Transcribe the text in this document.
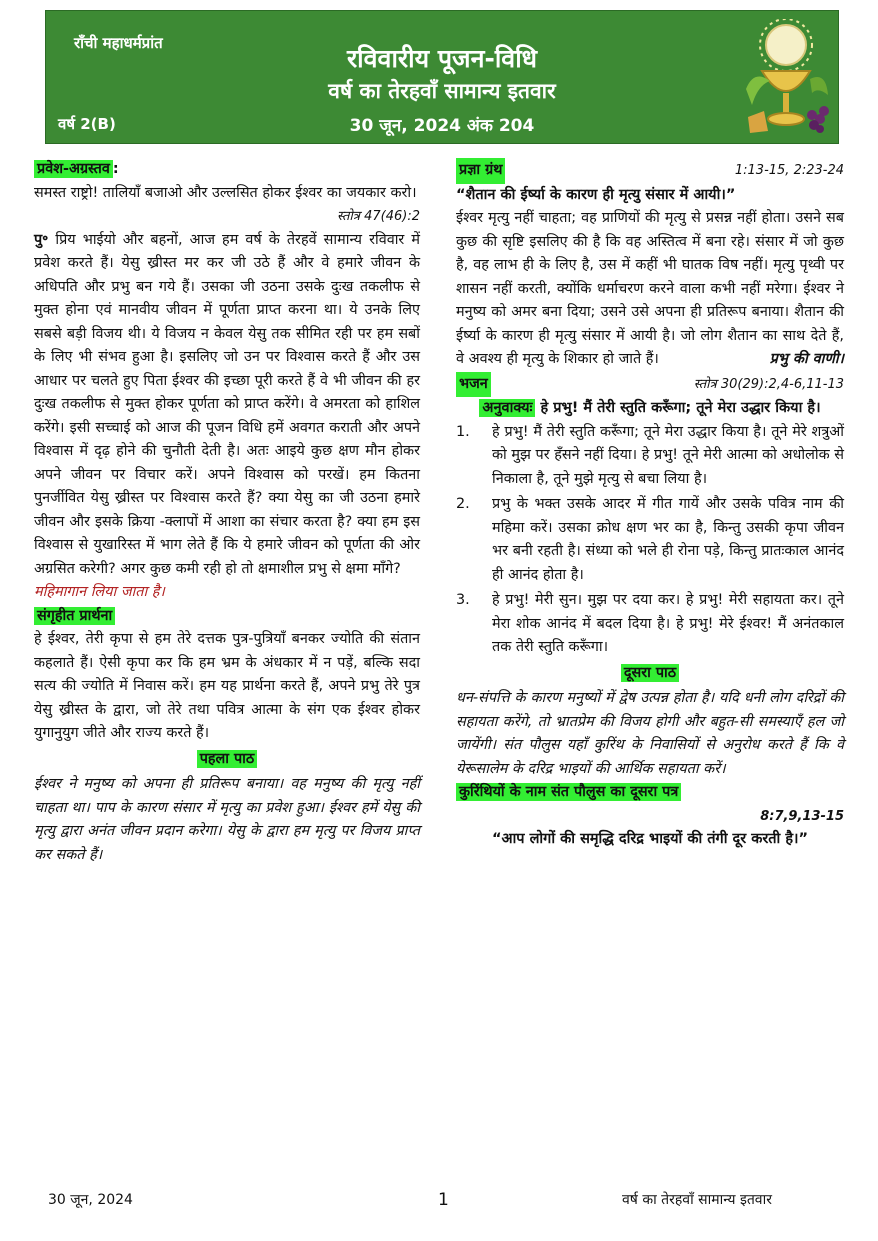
राँची महाधर्मप्रांत
रविवारीय पूजन-विधि
वर्ष का तेरहवाँ सामान्य इतवार
वर्ष 2(B)	30 जून, 2024 अंक 204
प्रवेश-अग्रस्तव :

समस्त राष्ट्रो! तालियाँ बजाओ और उल्लसित होकर ईश्वर का जयकार करो।
स्तोत्र 47(46):2

पु॰ प्रिय भाईयो और बहनों, आज हम वर्ष के तेरहवें सामान्य रविवार में प्रवेश करते हैं। येसु ख्रीस्त मर कर जी उठे हैं और वे हमारे जीवन के अधिपति और प्रभु बन गये हैं। उसका जी उठना उसके दुःख तकलीफ से मुक्त होना एवं मानवीय जीवन में पूर्णता प्राप्त करना था। ये उनके लिए सबसे बड़ी विजय थी। ये विजय न केवल येसु तक सीमित रही पर हम सबों के लिए भी संभव हुआ है। इसलिए जो उन पर विश्वास करते हैं और उस आधार पर चलते हुए पिता ईश्वर की इच्छा पूरी करते हैं वे भी जीवन की हर दुःख तकलीफ से मुक्त होकर पूर्णता को प्राप्त करेंगे। वे अमरता को हाशिल करेंगे। इसी सच्चाई को आज की पूजन विधि हमें अवगत कराती और अपने विश्वास में दृढ़ होने की चुनौती देती है। अतः आइये कुछ क्षण मौन होकर अपने जीवन पर विचार करें। अपने विश्वास को परखें। हम कितना पुनर्जीवित येसु ख्रीस्त पर विश्वास करते हैं? क्या येसु का जी उठना हमारे जीवन और इसके क्रिया -क्लापों में आशा का संचार करता है? क्या हम इस विश्वास से युखारिस्त में भाग लेते हैं कि ये हमारे जीवन को पूर्णता की ओर अग्रसित करेगी? अगर कुछ कमी रही हो तो क्षमाशील प्रभु से क्षमा माँगे?

महिमागान लिया जाता है।
संगृहीत प्रार्थना

हे ईश्वर, तेरी कृपा से हम तेरे दत्तक पुत्र-पुत्रियाँ बनकर ज्योति की संतान कहलाते हैं। ऐसी कृपा कर कि हम भ्रम के अंधकार में न पड़ें, बल्कि सदा सत्य की ज्योति में निवास करें। हम यह प्रार्थना करते हैं, अपने प्रभु तेरे पुत्र येसु ख्रीस्त के द्वारा, जो तेरे तथा पवित्र आत्मा के संग एक ईश्वर होकर युगानुयुग जीते और राज्य करते हैं।

पहला पाठ

ईश्वर ने मनुष्य को अपना ही प्रतिरूप बनाया। वह मनुष्य की मृत्यु नहीं चाहता था। पाप के कारण संसार में मृत्यु का प्रवेश हुआ। ईश्वर हमें येसु की मृत्यु द्वारा अनंत जीवन प्रदान करेगा। येसु के द्वारा हम मृत्यु पर विजय प्राप्त कर सकते हैं।

प्रज्ञा ग्रंथ	1:13-15, 2:23-24
“शैतान की ईर्ष्या के कारण ही मृत्यु संसार में आयी।”

ईश्वर मृत्यु नहीं चाहता; वह प्राणियों की मृत्यु से प्रसन्न नहीं होता। उसने सब कुछ की सृष्टि इसलिए की है कि वह अस्तित्व में बना रहे। संसार में जो कुछ है, वह लाभ ही के लिए है, उस में कहीं भी घातक विष नहीं। मृत्यु पृथ्वी पर शासन नहीं करती, क्योंकि धर्माचरण करने वाला कभी नहीं मरेगा। ईश्वर ने मनुष्य को अमर बना दिया; उसने उसे अपना ही प्रतिरूप बनाया। शैतान की ईर्ष्या के कारण ही मृत्यु संसार में आयी है। जो लोग शैतान का साथ देते हैं, वे अवश्य ही मृत्यु के शिकार हो जाते हैं।	प्रभु की वाणी।

भजन	स्तोत्र 30(29):2,4-6,11-13
अनुवाक्यः हे प्रभु! मैं तेरी स्तुति करूँगा; तूने मेरा उद्धार किया है।
1.	हे प्रभु! मैं तेरी स्तुति करूँगा; तूने मेरा उद्धार किया है। तूने मेरे शत्रुओं को मुझ पर हँसने नहीं दिया। हे प्रभु! तूने मेरी आत्मा को अधोलोक से निकाला है, तूने मुझे मृत्यु से बचा लिया है।
2.	प्रभु के भक्त उसके आदर में गीत गायें और उसके पवित्र नाम की महिमा करें। उसका क्रोध क्षण भर का है, किन्तु उसकी कृपा जीवन भर बनी रहती है। संध्या को भले ही रोना पड़े, किन्तु प्रातःकाल आनंद ही आनंद होता है।
3.	हे प्रभु! मेरी सुन। मुझ पर दया कर। हे प्रभु! मेरी सहायता कर। तूने मेरा शोक आनंद में बदल दिया है। हे प्रभु! मेरे ईश्वर! मैं अनंतकाल तक तेरी स्तुति करूँगा।
दूसरा पाठ

धन-संपत्ति के कारण मनुष्यों में द्वेष उत्पन्न होता है। यदि धनी लोग दरिद्रों की सहायता करेंगे, तो भ्रातप्रेम की विजय होगी और बहुत-सी समस्याएँ हल जो जायेंगी। संत पौलुस यहाँ कुरिंथ के निवासियों से अनुरोध करते हैं कि वे येरूसालेम के दरिद्र भाइयों की आर्थिक सहायता करें।

कुरिंथियों के नाम संत पौलुस का दूसरा पत्र
8:7,9,13-15
“आप लोगों की समृद्धि दरिद्र भाइयों की तंगी दूर करती है।”
30 जून, 2024	1	वर्ष का तेरहवाँ सामान्य इतवार
